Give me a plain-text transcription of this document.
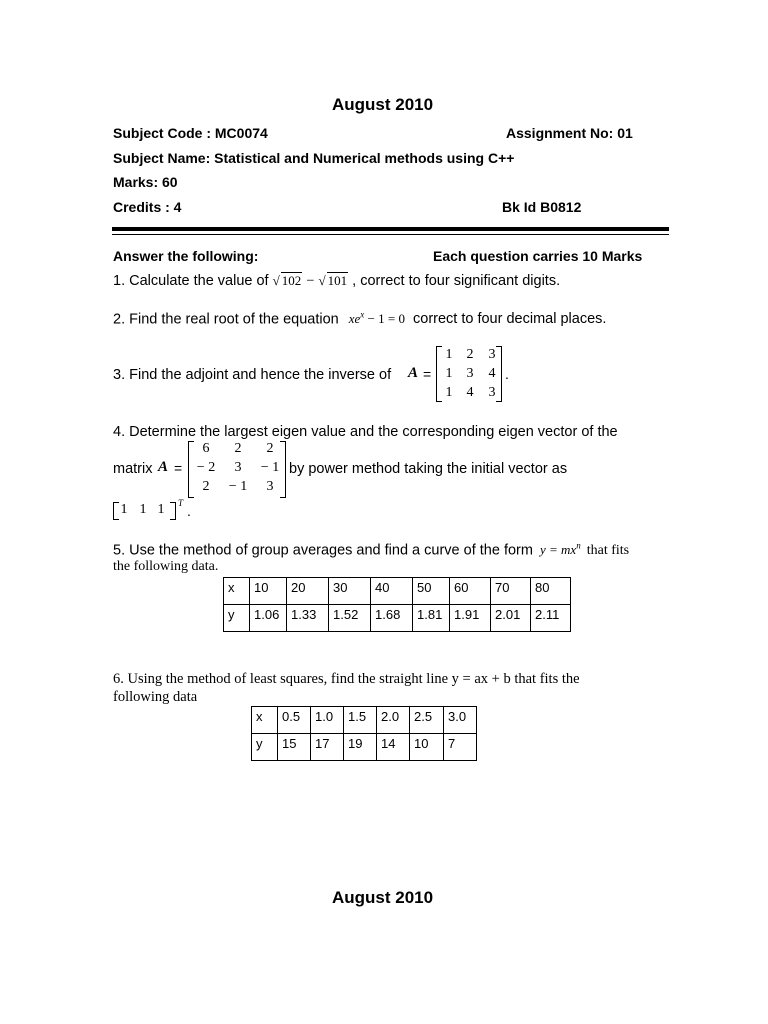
August 2010
Subject Code : MC0074	Assignment No: 01
Subject Name: Statistical and Numerical methods using C++
Marks: 60
Credits : 4	Bk Id B0812
Answer the following:	Each question carries 10 Marks
1. Calculate the value of √ 102 − √ 101 , correct to four significant digits.
2. Find the real root of the equation $xe^x - 1 = 0$ correct to four decimal places.
3. Find the adjoint and hence the inverse of A =
1	2	3
1	3	4
1	4	3
.
4. Determine the largest eigen value and the corresponding eigen vector of the
matrix A =
6	2	2
− 2	3	− 1
2	− 1	3
by power method taking the initial vector as
1 1 1	T .
5. Use the method of group averages and find a curve of the form $y = mx^n$ that fits
the following data.
x	10	20	30	40	50	60	70	80
y	1.06	1.33	1.52	1.68	1.81	1.91	2.01	2.11
6. Using the method of least squares, find the straight line y = ax + b that fits the
following data
x	0.5	1.0	1.5	2.0	2.5	3.0
y	15	17	19	14	10	7
August 2010
